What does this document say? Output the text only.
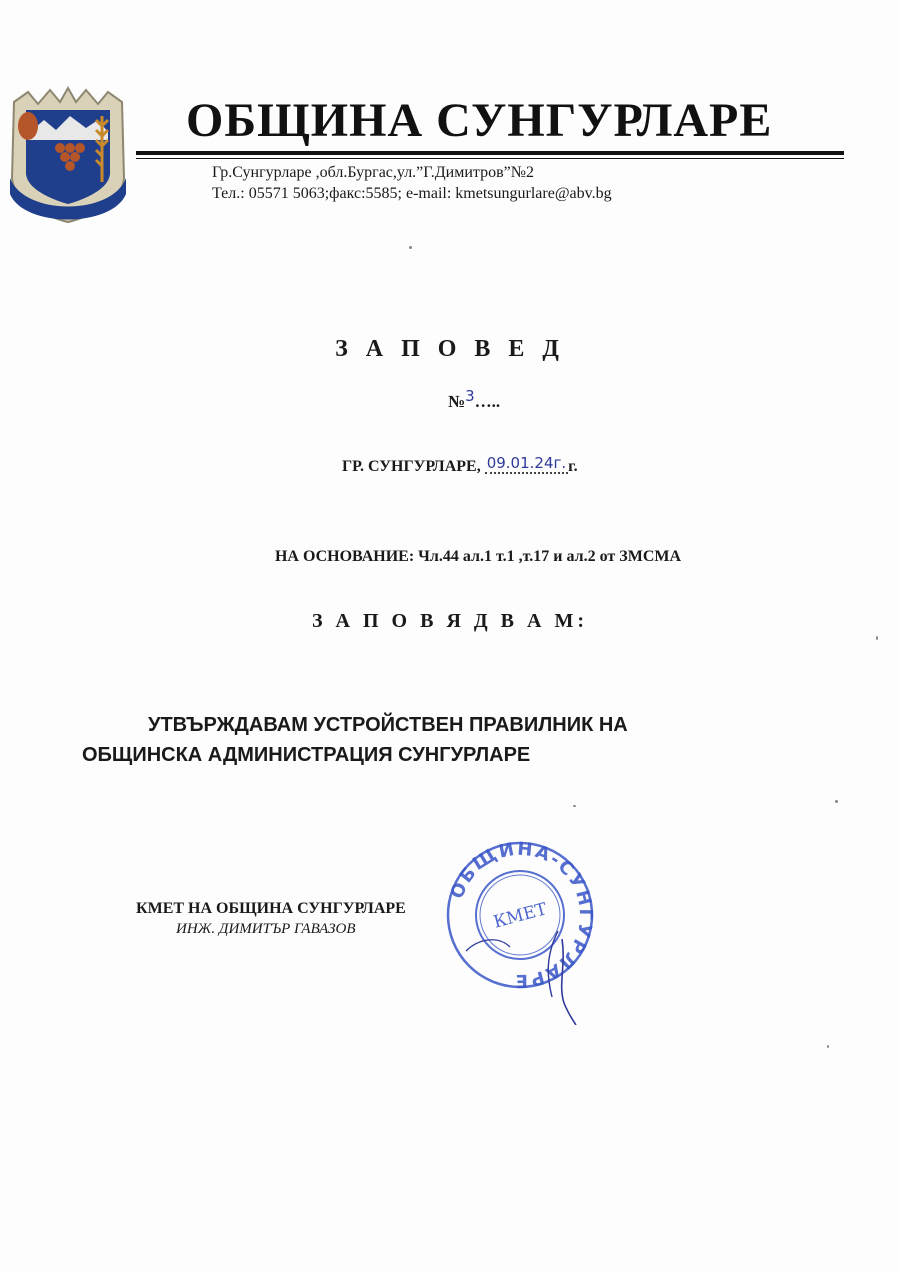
ОБЩИНА СУНГУРЛАРЕ
Гр.Сунгурларе ,обл.Бургас,ул.”Г.Димитров”№2
Тел.: 05571 5063;факс:5585; e-mail: kmetsungurlare@abv.bg
З А П О В Е Д
№3…..
ГР. СУНГУРЛАРЕ, 09.01.24г. г.
НА ОСНОВАНИЕ: Чл.44 ал.1 т.1 ,т.17 и ал.2 от ЗМСМА
З А П О В Я Д В А М:
УТВЪРЖДАВАМ УСТРОЙСТВЕН ПРАВИЛНИК НА
ОБЩИНСКА АДМИНИСТРАЦИЯ СУНГУРЛАРЕ
КМЕТ НА ОБЩИНА СУНГУРЛАРЕ
ИНЖ. ДИМИТЪР ГАВАЗОВ
ОБЩИНА-СУНГУРЛАРЕ
КМЕТ
